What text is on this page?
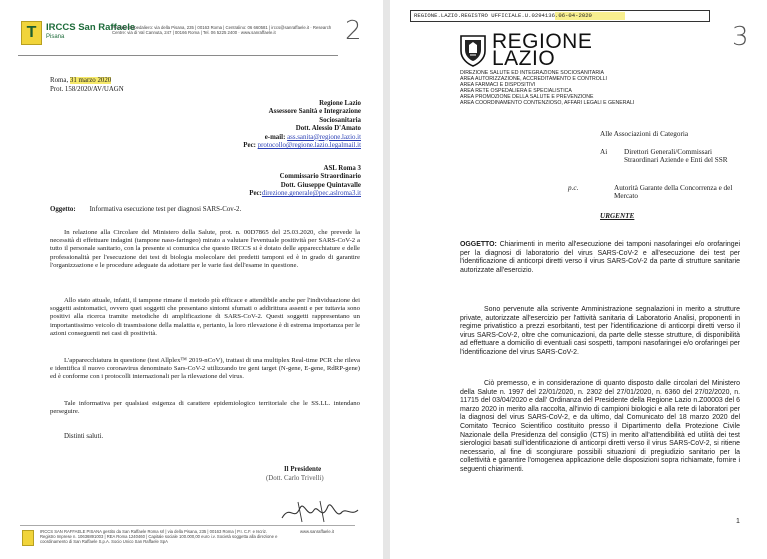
T	IRCCS San Raffaele
Pisana
Presidio Ospedaliero: via della Pisana, 235 | 00163 Roma | Centralino: 06 660581 | irccs@sanraffaele.it · Research Centre: via di Val Cannuta, 247 | 00166 Roma | Tel. 06 5225 2400 · www.sanraffaele.it	2
Roma, 31 marzo 2020
Prot. 158/2020/AV/UAGN
Regione Lazio
Assessore Sanità e Integrazione
Sociosanitaria
Dott. Alessio D'Amato
e-mail: ass.sanita@regione.lazio.it
Pec: protocollo@regione.lazio.legalmail.it
ASL Roma 3
Commissario Straordinario
Dott. Giuseppe Quintavalle
Pec:direzione.generale@pec.aslroma3.it
Oggetto: Informativa esecuzione test per diagnosi SARS-Cov-2.
In relazione alla Circolare del Ministero della Salute, prot. n. 00D7865 del 25.03.2020, che prevede la necessità di effettuare indagini (tampone naso-faringeo) mirato a valutare l'eventuale positività per SARS-CoV-2 a tutto il personale sanitario, con la presente si comunica che questo IRCCS si è dotato delle apparecchiature e delle professionalità per l'esecuzione dei test di biologia molecolare dei predetti tamponi ed è in grado di garantire l'organizzazione e le procedure adeguate da adottare per le varie fasi dell'esame in questione.
Allo stato attuale, infatti, il tampone rimane il metodo più efficace e attendibile anche per l'individuazione dei soggetti asintomatici, ovvero quei soggetti che presentano sintomi sfumati o addirittura assenti e per tuttavia sono positivi alla ricerca tramite metodiche di amplificazione di SARS-CoV-2. Questi soggetti rappresentano un importantissimo veicolo di trasmissione della malattia e, pertanto, la loro rilevazione è di estrema importanza per le azioni conseguenti nei casi di positività.
L'apparecchiatura in questione (test Allplex™ 2019-nCoV), trattasi di una multiplex Real-time PCR che rileva e identifica il nuovo coronavirus denominato Sars-CoV-2 utilizzando tre geni target (N-gene, E-gene, RdRP-gene) ed è conforme con i protocolli internazionali per la rilevazione del virus.
Tale informativa per qualsiasi esigenza di carattere epidemiologico territoriale che le SS.LL. intendano perseguire.
Distinti saluti.
Il Presidente
(Dott. Carlo Trivelli)
IRCCS SAN RAFFAELE PISANA gestito da San Raffaele Roma srl | via della Pisana, 235 | 00163 Roma | P.I. C.F. e Iscriz. Registro Imprese n. 10636891003 | REA Roma 1240460 | Capitale sociale 100.000,00 euro i.v. Società soggetta alla direzione e coordinamento di San Raffaele S.p.A. Socio Unico San Raffaele SpA
www.sanraffaele.it
REGIONE.LAZIO.REGISTRO UFFICIALE.U.0294136.06-04-2020
3
REGIONE
LAZIO
DIREZIONE SALUTE ED INTEGRAZIONE SOCIOSANITARIA
AREA AUTORIZZAZIONE, ACCREDITAMENTO E CONTROLLI
AREA FARMACI E DISPOSITIVI
AREA RETE OSPEDALIERA E SPECIALISTICA
AREA PROMOZIONE DELLA SALUTE E PREVENZIONE
AREA COORDINAMENTO CONTENZIOSO, AFFARI LEGALI E GENERALI
Alle Associazioni di Categoria
Ai Direttori Generali/Commissari
Straordinari Aziende e Enti del SSR
p.c.	Autorità Garante della Concorrenza e del
Mercato
URGENTE
OGGETTO: Chiarimenti in merito all'esecuzione dei tamponi nasofaringei e/o orofaringei per la diagnosi di laboratorio del virus SARS-CoV-2 e all'esecuzione dei test per l'identificazione di anticorpi diretti verso il virus SARS-CoV-2 da parte di strutture sanitarie autorizzate all'esercizio.
Sono pervenute alla scrivente Amministrazione segnalazioni in merito a strutture private, autorizzate all'esercizio per l'attività sanitaria di Laboratorio Analisi, proponenti in regime privatistico a prezzi esorbitanti, test per l'identificazione di anticorpi diretti verso il virus SARS-CoV-2, oltre che comunicazioni, da parte delle stesse strutture, di disponibilità ad effettuare a domicilio di eventuali casi sospetti, tamponi nasofaringei e/o orofaringei per l'identificazione del virus SARS-CoV-2.
Ciò premesso, e in considerazione di quanto disposto dalle circolari del Ministero della Salute n. 1997 del 22/01/2020, n. 2302 del 27/01/2020, n. 6360 del 27/02/2020, n. 11715 del 03/04/2020 e dall' Ordinanza del Presidente della Regione Lazio n.Z00003 del 6 marzo 2020 in merito alla raccolta, all'invio di campioni biologici e alla rete di laboratori per la diagnosi del virus SARS-CoV-2, e da ultimo, dal Comunicato del 18 marzo 2020 del Comitato Tecnico Scientifico costituito presso il Dipartimento della Protezione Civile Nazionale della Presidenza del consiglio (CTS) in merito all'attendibilità ed utilità dei test sierologici basati sull'identificazione di anticorpi diretti verso il virus SARS-CoV-2, si ritiene necessario, al fine di scongiurare possibili situazioni di pregiudizio sanitario per la collettività e garantire l'omogenea applicazione delle disposizioni sopra richiamate, fornire i seguenti chiarimenti.
1
